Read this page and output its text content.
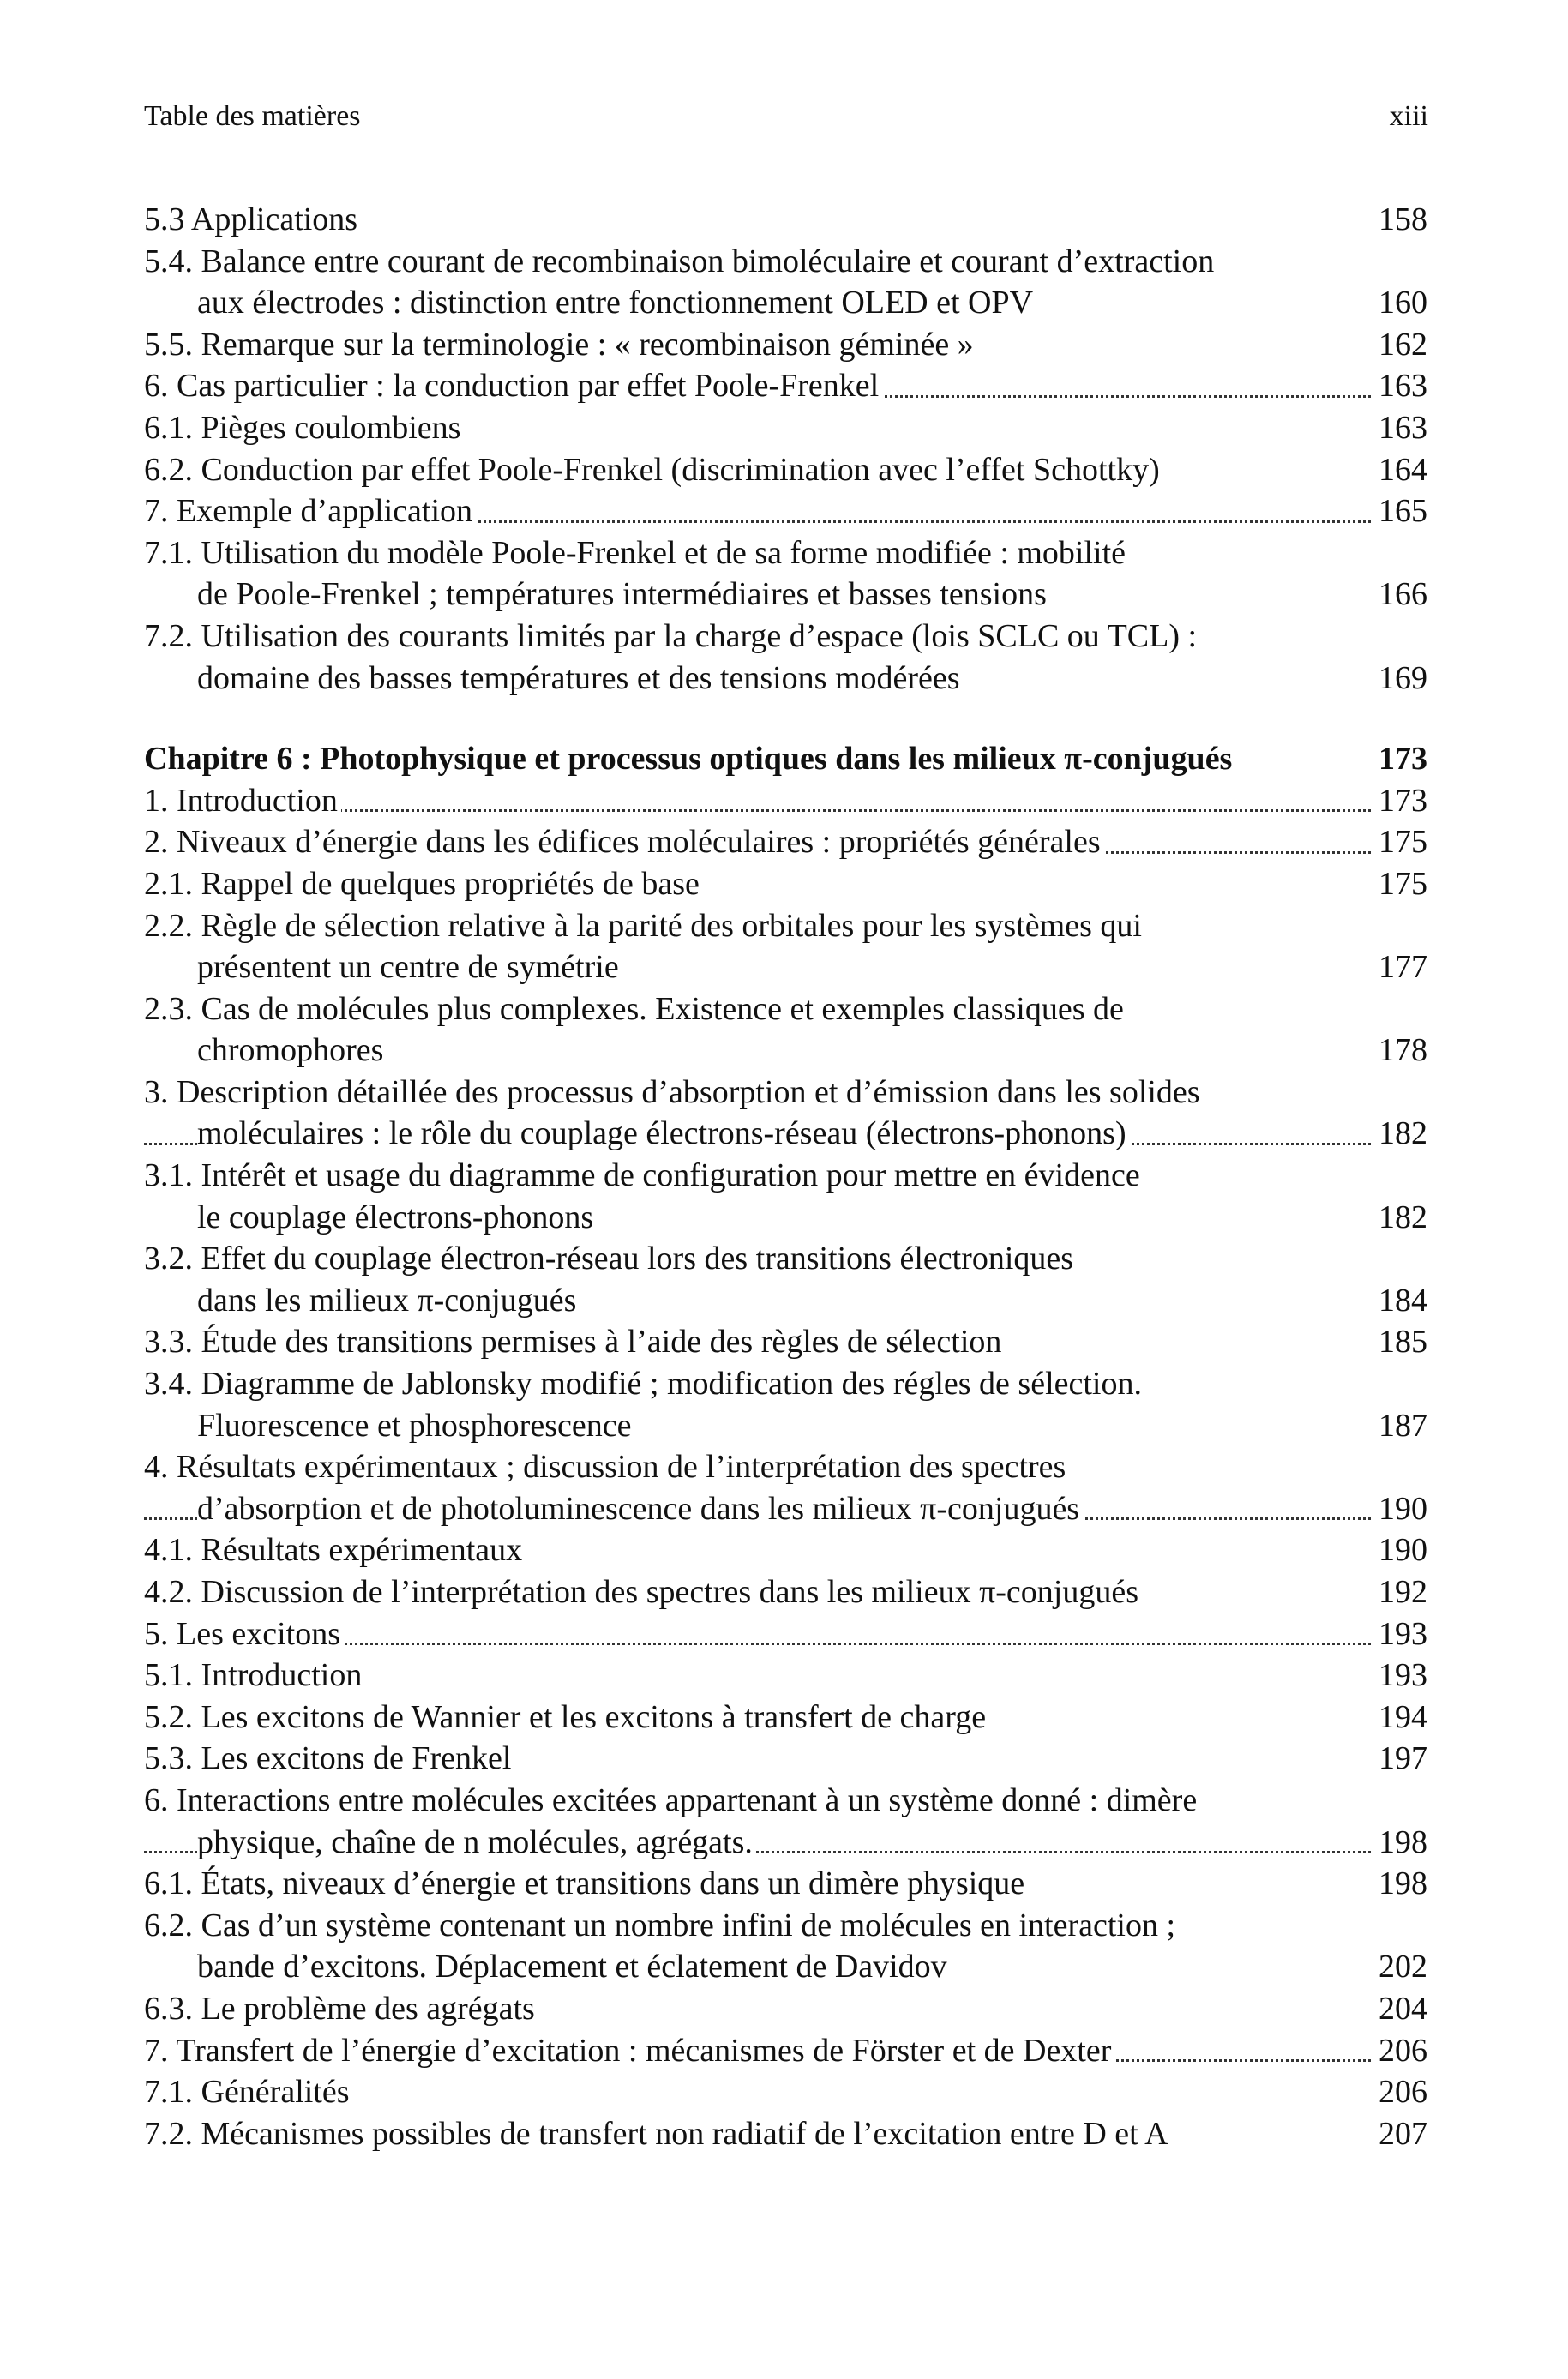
Table des matières	xiii
5.3 Applications	158
5.4. Balance entre courant de recombinaison bimoléculaire et courant d’extraction
aux électrodes : distinction entre fonctionnement OLED et OPV	160
5.5. Remarque sur la terminologie : « recombinaison géminée »	162
6. Cas particulier : la conduction par effet Poole-Frenkel	163
6.1. Pièges coulombiens	163
6.2. Conduction par effet Poole-Frenkel (discrimination avec l’effet Schottky)	164
7. Exemple d’application	165
7.1. Utilisation du modèle Poole-Frenkel et de sa forme modifiée : mobilité
de Poole-Frenkel ; températures intermédiaires et basses tensions	166
7.2. Utilisation des courants limités par la charge d’espace (lois SCLC ou TCL) :
domaine des basses températures et des tensions modérées	169
Chapitre 6 : Photophysique et processus optiques dans les milieux π-conjugués	173
1. Introduction	173
2. Niveaux d’énergie dans les édifices moléculaires : propriétés générales	175
2.1. Rappel de quelques propriétés de base	175
2.2. Règle de sélection relative à la parité des orbitales pour les systèmes qui
présentent un centre de symétrie	177
2.3. Cas de molécules plus complexes. Existence et exemples classiques de
chromophores	178
3. Description détaillée des processus d’absorption et d’émission dans les solides
moléculaires : le rôle du couplage électrons-réseau (électrons-phonons)	182
3.1. Intérêt et usage du diagramme de configuration pour mettre en évidence
le couplage électrons-phonons	182
3.2. Effet du couplage électron-réseau lors des transitions électroniques
dans les milieux π-conjugués	184
3.3. Étude des transitions permises à l’aide des règles de sélection	185
3.4. Diagramme de Jablonsky modifié ; modification des régles de sélection.
Fluorescence et phosphorescence	187
4. Résultats expérimentaux ; discussion de l’interprétation des spectres
d’absorption et de photoluminescence dans les milieux π-conjugués	190
4.1. Résultats expérimentaux	190
4.2. Discussion de l’interprétation des spectres dans les milieux π-conjugués	192
5. Les excitons	193
5.1. Introduction	193
5.2. Les excitons de Wannier et les excitons à transfert de charge	194
5.3. Les excitons de Frenkel	197
6. Interactions entre molécules excitées appartenant à un système donné : dimère
physique, chaîne de n molécules, agrégats.	198
6.1. États, niveaux d’énergie et transitions dans un dimère physique	198
6.2. Cas d’un système contenant un nombre infini de molécules en interaction ;
bande d’excitons. Déplacement et éclatement de Davidov	202
6.3. Le problème des agrégats	204
7. Transfert de l’énergie d’excitation : mécanismes de Förster et de Dexter	206
7.1. Généralités	206
7.2. Mécanismes possibles de transfert non radiatif de l’excitation entre D et A	207
